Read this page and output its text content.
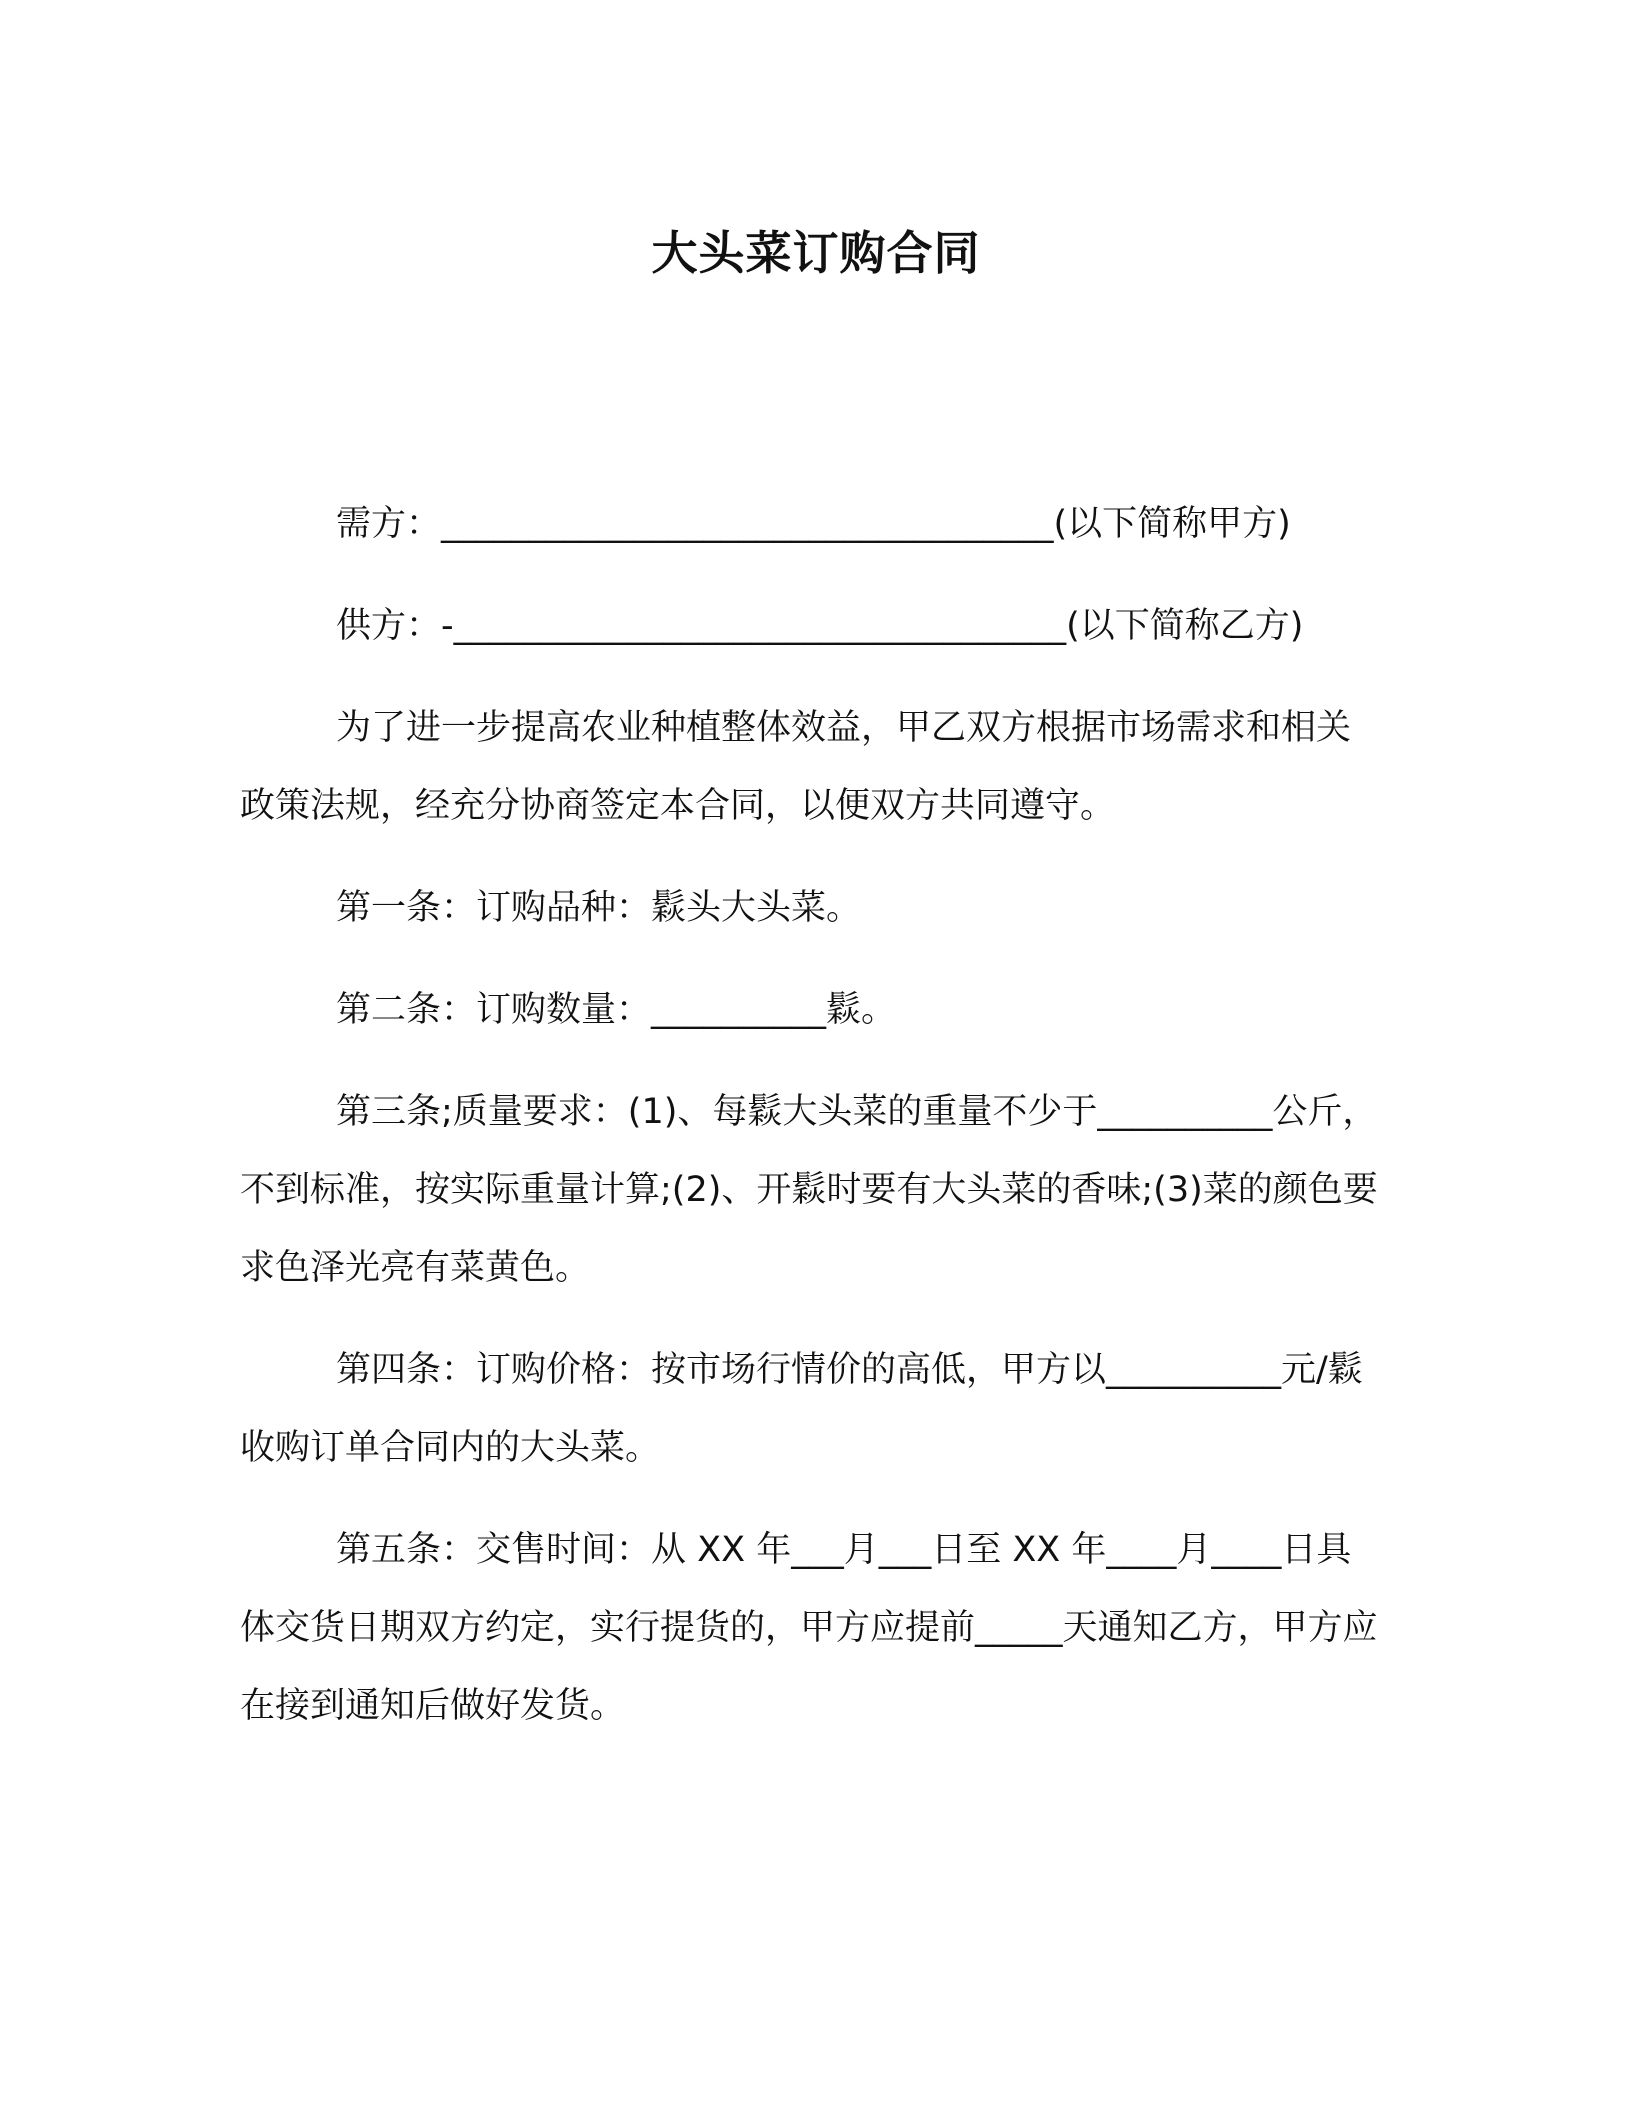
大头菜订购合同

需方：___________________________________(以下简称甲方)

供方：-___________________________________(以下简称乙方)

为了进一步提高农业种植整体效益，甲乙双方根据市场需求和相关政策法规，经充分协商签定本合同，以便双方共同遵守。

第一条：订购品种：鬏头大头菜。

第二条：订购数量：__________鬏。

第三条;质量要求：(1)、每鬏大头菜的重量不少于__________公斤，不到标准，按实际重量计算;(2)、开鬏时要有大头菜的香味;(3)菜的颜色要求色泽光亮有菜黄色。

第四条：订购价格：按市场行情价的高低，甲方以__________元/鬏收购订单合同内的大头菜。

第五条：交售时间：从 XX 年___月___日至 XX 年____月____日具体交货日期双方约定，实行提货的，甲方应提前_____天通知乙方，甲方应在接到通知后做好发货。
